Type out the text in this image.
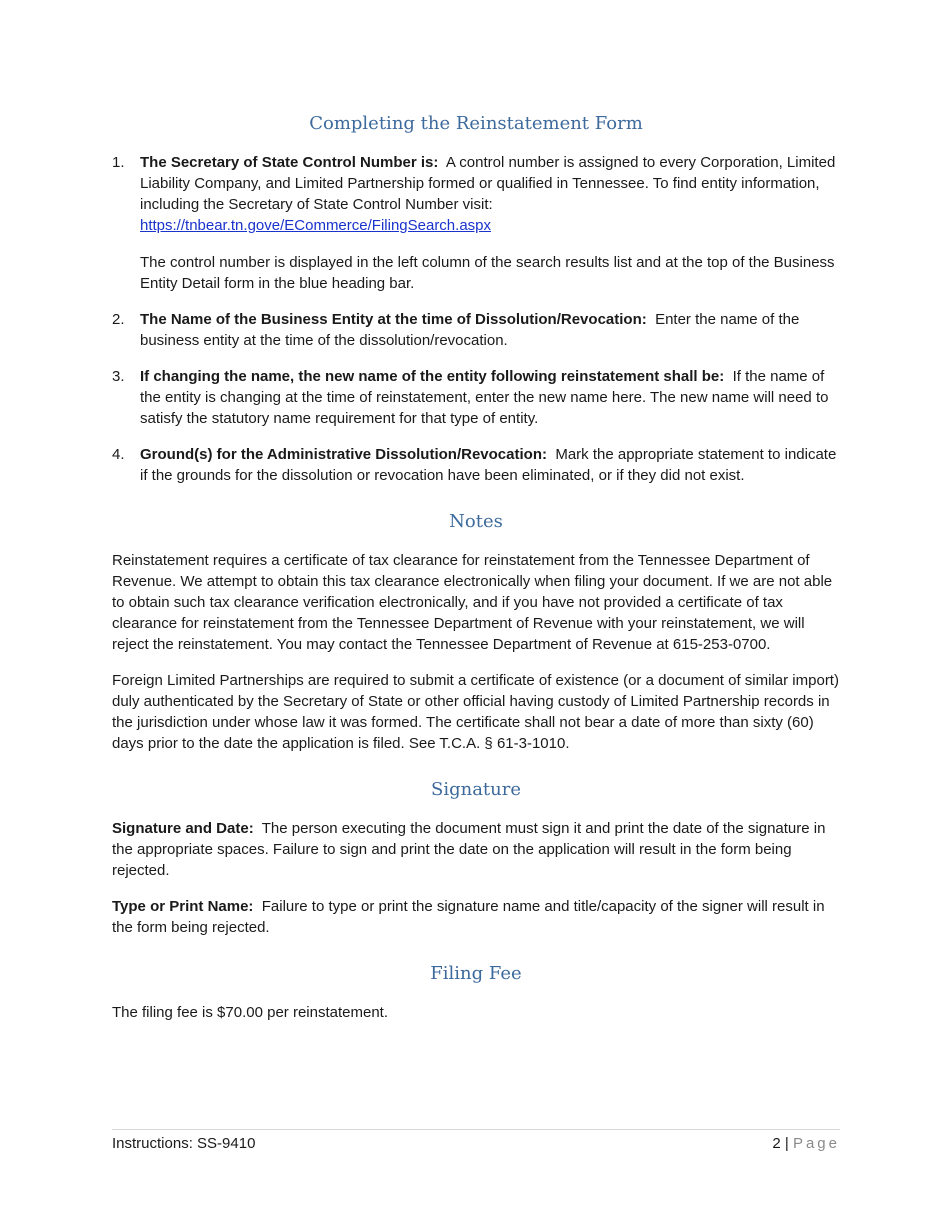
Completing the Reinstatement Form
1. The Secretary of State Control Number is: A control number is assigned to every Corporation, Limited Liability Company, and Limited Partnership formed or qualified in Tennessee. To find entity information, including the Secretary of State Control Number visit:
https://tnbear.tn.gove/ECommerce/FilingSearch.aspx

The control number is displayed in the left column of the search results list and at the top of the Business Entity Detail form in the blue heading bar.

2. The Name of the Business Entity at the time of Dissolution/Revocation: Enter the name of the business entity at the time of the dissolution/revocation.

3. If changing the name, the new name of the entity following reinstatement shall be: If the name of the entity is changing at the time of reinstatement, enter the new name here. The new name will need to satisfy the statutory name requirement for that type of entity.

4. Ground(s) for the Administrative Dissolution/Revocation: Mark the appropriate statement to indicate if the grounds for the dissolution or revocation have been eliminated, or if they did not exist.

Notes

Reinstatement requires a certificate of tax clearance for reinstatement from the Tennessee Department of Revenue. We attempt to obtain this tax clearance electronically when filing your document. If we are not able to obtain such tax clearance verification electronically, and if you have not provided a certificate of tax clearance for reinstatement from the Tennessee Department of Revenue with your reinstatement, we will reject the reinstatement. You may contact the Tennessee Department of Revenue at 615-253-0700.

Foreign Limited Partnerships are required to submit a certificate of existence (or a document of similar import) duly authenticated by the Secretary of State or other official having custody of Limited Partnership records in the jurisdiction under whose law it was formed. The certificate shall not bear a date of more than sixty (60) days prior to the date the application is filed. See T.C.A. § 61-3-1010.

Signature

Signature and Date: The person executing the document must sign it and print the date of the signature in the appropriate spaces. Failure to sign and print the date on the application will result in the form being rejected.

Type or Print Name: Failure to type or print the signature name and title/capacity of the signer will result in the form being rejected.

Filing Fee

The filing fee is $70.00 per reinstatement.

Instructions: SS-9410	2 | Page
